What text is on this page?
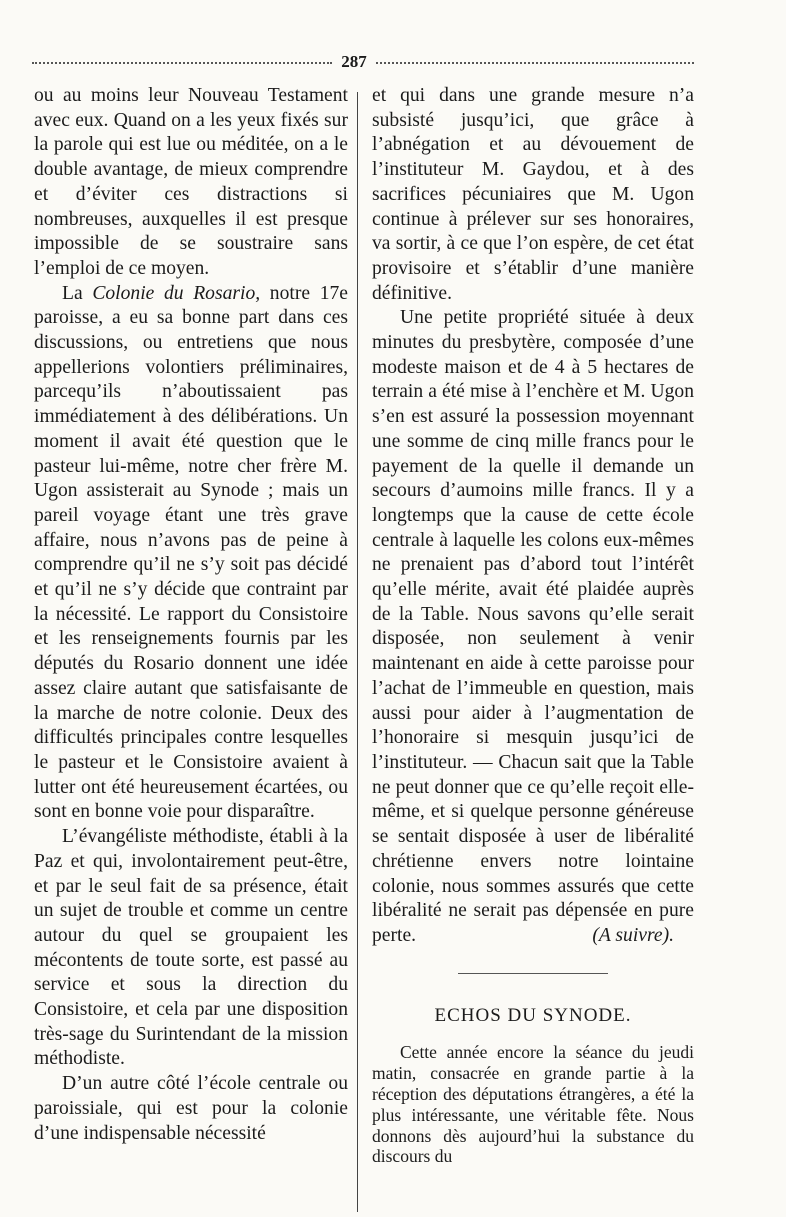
287

ou au moins leur Nouveau Testament avec eux. Quand on a les yeux fixés sur la parole qui est lue ou méditée, on a le double avantage, de mieux comprendre et d’éviter ces distractions si nombreuses, auxquelles il est presque impossible de se soustraire sans l’emploi de ce moyen.

La Colonie du Rosario, notre 17e paroisse, a eu sa bonne part dans ces discussions, ou entretiens que nous appellerions volontiers préliminaires, parcequ’ils n’aboutissaient pas immédiatement à des délibérations. Un moment il avait été question que le pasteur lui-même, notre cher frère M. Ugon assisterait au Synode ; mais un pareil voyage étant une très grave affaire, nous n’avons pas de peine à comprendre qu’il ne s’y soit pas décidé et qu’il ne s’y décide que contraint par la nécessité. Le rapport du Consistoire et les renseignements fournis par les députés du Rosario donnent une idée assez claire autant que satisfaisante de la marche de notre colonie. Deux des difficultés principales contre lesquelles le pasteur et le Consistoire avaient à lutter ont été heureusement écartées, ou sont en bonne voie pour disparaître.

L’évangéliste méthodiste, établi à la Paz et qui, involontairement peut-être, et par le seul fait de sa présence, était un sujet de trouble et comme un centre autour du quel se groupaient les mécontents de toute sorte, est passé au service et sous la direction du Consistoire, et cela par une disposition très-sage du Surintendant de la mission méthodiste.

D’un autre côté l’école centrale ou paroissiale, qui est pour la colonie d’une indispensable nécessité

et qui dans une grande mesure n’a subsisté jusqu’ici, que grâce à l’abnégation et au dévouement de l’instituteur M. Gaydou, et à des sacrifices pécuniaires que M. Ugon continue à prélever sur ses honoraires, va sortir, à ce que l’on espère, de cet état provisoire et s’établir d’une manière définitive.

Une petite propriété située à deux minutes du presbytère, composée d’une modeste maison et de 4 à 5 hectares de terrain a été mise à l’enchère et M. Ugon s’en est assuré la possession moyennant une somme de cinq mille francs pour le payement de la quelle il demande un secours d’aumoins mille francs. Il y a longtemps que la cause de cette école centrale à laquelle les colons eux-mêmes ne prenaient pas d’abord tout l’intérêt qu’elle mérite, avait été plaidée auprès de la Table. Nous savons qu’elle serait disposée, non seulement à venir maintenant en aide à cette paroisse pour l’achat de l’immeuble en question, mais aussi pour aider à l’augmentation de l’honoraire si mesquin jusqu’ici de l’instituteur. — Chacun sait que la Table ne peut donner que ce qu’elle reçoit elle-même, et si quelque personne généreuse se sentait disposée à user de libéralité chrétienne envers notre lointaine colonie, nous sommes assurés que cette libéralité ne serait pas dépensée en pure perte.	(A suivre).

ECHOS DU SYNODE.

Cette année encore la séance du jeudi matin, consacrée en grande partie à la réception des députations étrangères, a été la plus intéressante, une véritable fête. Nous donnons dès aujourd’hui la substance du discours du
